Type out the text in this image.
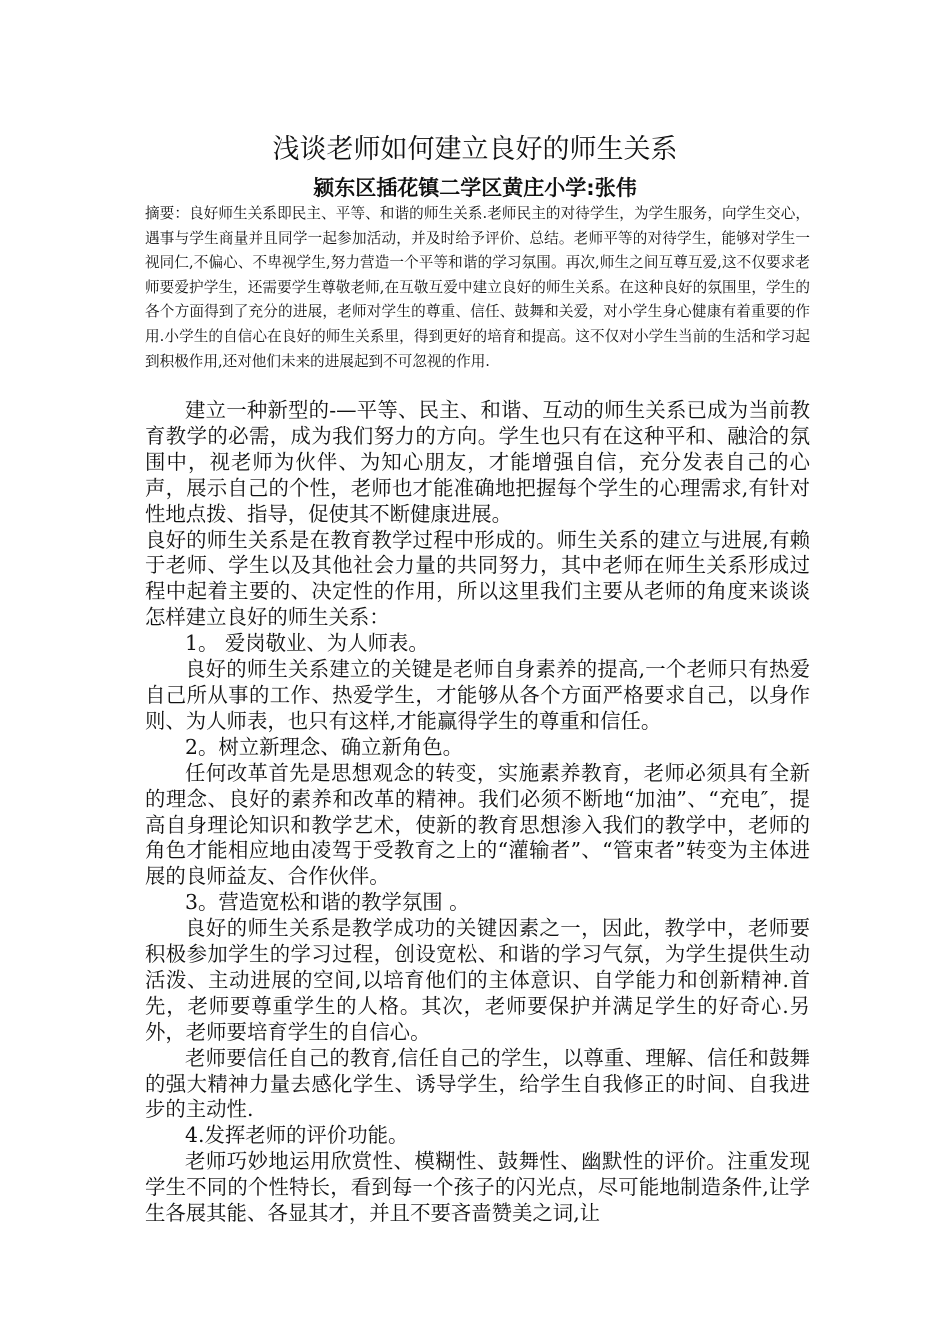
浅谈老师如何建立良好的师生关系
颍东区插花镇二学区黄庄小学:张伟
摘要：良好师生关系即民主、平等、和谐的师生关系.老师民主的对待学生，为学生服务，向学生交心，遇事与学生商量并且同学一起参加活动，并及时给予评价、总结。老师平等的对待学生，能够对学生一视同仁,不偏心、不卑视学生,努力营造一个平等和谐的学习氛围。再次,师生之间互尊互爱,这不仅要求老师要爱护学生，还需要学生尊敬老师,在互敬互爱中建立良好的师生关系。在这种良好的氛围里，学生的各个方面得到了充分的进展，老师对学生的尊重、信任、鼓舞和关爱，对小学生身心健康有着重要的作用.小学生的自信心在良好的师生关系里，得到更好的培育和提高。这不仅对小学生当前的生活和学习起到积极作用,还对他们未来的进展起到不可忽视的作用.

建立一种新型的-—平等、民主、和谐、互动的师生关系已成为当前教育教学的必需，成为我们努力的方向。学生也只有在这种平和、融洽的氛围中，视老师为伙伴、为知心朋友，才能增强自信，充分发表自己的心声，展示自己的个性，老师也才能准确地把握每个学生的心理需求,有针对性地点拨、指导，促使其不断健康进展。

良好的师生关系是在教育教学过程中形成的。师生关系的建立与进展,有赖于老师、学生以及其他社会力量的共同努力，其中老师在师生关系形成过程中起着主要的、决定性的作用，所以这里我们主要从老师的角度来谈谈怎样建立良好的师生关系：

1。 爱岗敬业、为人师表。

良好的师生关系建立的关键是老师自身素养的提高,一个老师只有热爱自己所从事的工作、热爱学生，才能够从各个方面严格要求自己，以身作则、为人师表，也只有这样,才能赢得学生的尊重和信任。

2。树立新理念、确立新角色。

任何改革首先是思想观念的转变，实施素养教育，老师必须具有全新的理念、良好的素养和改革的精神。我们必须不断地“加油”、“充电″，提高自身理论知识和教学艺术，使新的教育思想渗入我们的教学中，老师的角色才能相应地由凌驾于受教育之上的“灌输者”、“管束者”转变为主体进展的良师益友、合作伙伴。

3。营造宽松和谐的教学氛围 。

良好的师生关系是教学成功的关键因素之一，因此，教学中，老师要积极参加学生的学习过程，创设宽松、和谐的学习气氛，为学生提供生动活泼、主动进展的空间,以培育他们的主体意识、自学能力和创新精神.首先，老师要尊重学生的人格。其次，老师要保护并满足学生的好奇心.另外，老师要培育学生的自信心。

老师要信任自己的教育,信任自己的学生，以尊重、理解、信任和鼓舞的强大精神力量去感化学生、诱导学生，给学生自我修正的时间、自我进步的主动性.

4.发挥老师的评价功能。

老师巧妙地运用欣赏性、模糊性、鼓舞性、幽默性的评价。注重发现学生不同的个性特长，看到每一个孩子的闪光点，尽可能地制造条件,让学生各展其能、各显其才，并且不要吝啬赞美之词,让
